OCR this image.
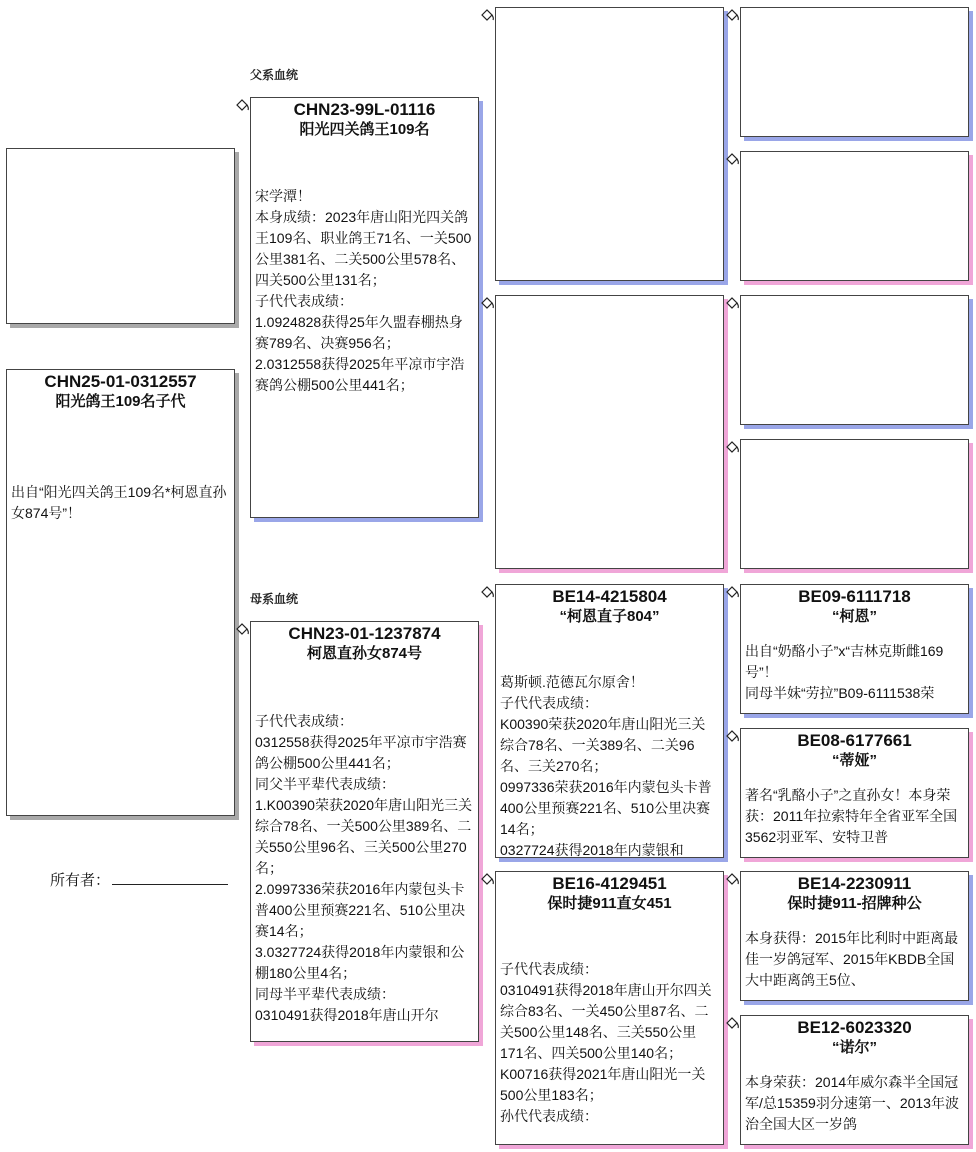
CHN25-01-0312557
阳光鸽王109名子代

出自“阳光四关鸽王109名*柯恩直孙女874号”！

所有者：
父系血统
母系血统
CHN23-99L-01116
阳光四关鸽王109名

宋学潭！
本身成绩：2023年唐山阳光四关鸽王109名、职业鸽王71名、一关500公里381名、二关500公里578名、四关500公里131名；
子代代表成绩：
1.0924828获得25年久盟春棚热身赛789名、决赛956名；
2.0312558获得2025年平凉市宇浩赛鸽公棚500公里441名；

CHN23-01-1237874
柯恩直孙女874号

子代代表成绩：
0312558获得2025年平凉市宇浩赛鸽公棚500公里441名；
同父半平辈代表成绩：
1.K00390荣获2020年唐山阳光三关综合78名、一关500公里389名、二关550公里96名、三关500公里270名；
2.0997336荣获2016年内蒙包头卡普400公里预赛221名、510公里决赛14名；
3.0327724获得2018年内蒙银和公棚180公里4名；
同母半平辈代表成绩：
0310491获得2018年唐山开尔

BE14-4215804
“柯恩直子804”

葛斯顿.范德瓦尔原舍！
子代代表成绩：
K00390荣获2020年唐山阳光三关综合78名、一关389名、二关96名、三关270名；
0997336荣获2016年内蒙包头卡普400公里预赛221名、510公里决赛14名；
0327724获得2018年内蒙银和

BE16-4129451
保时捷911直女451

子代代表成绩：
0310491获得2018年唐山开尔四关综合83名、一关450公里87名、二关500公里148名、三关550公里171名、四关500公里140名；
K00716获得2021年唐山阳光一关500公里183名；
孙代代表成绩：

BE09-6111718
“柯恩”

出自“奶酪小子”x“吉林克斯雌169号”！
同母半妹“劳拉”B09-6111538荣

BE08-6177661
“蒂娅”

著名“乳酪小子”之直孙女！本身荣获：2011年拉索特年全省亚军全国3562羽亚军、安特卫普

BE14-2230911
保时捷911-招牌种公

本身获得：2015年比利时中距离最佳一岁鸽冠军、2015年KBDB全国大中距离鸽王5位、

BE12-6023320
“诺尔”

本身荣获：2014年威尔森半全国冠军/总15359羽分速第一、2013年波治全国大区一岁鸽
